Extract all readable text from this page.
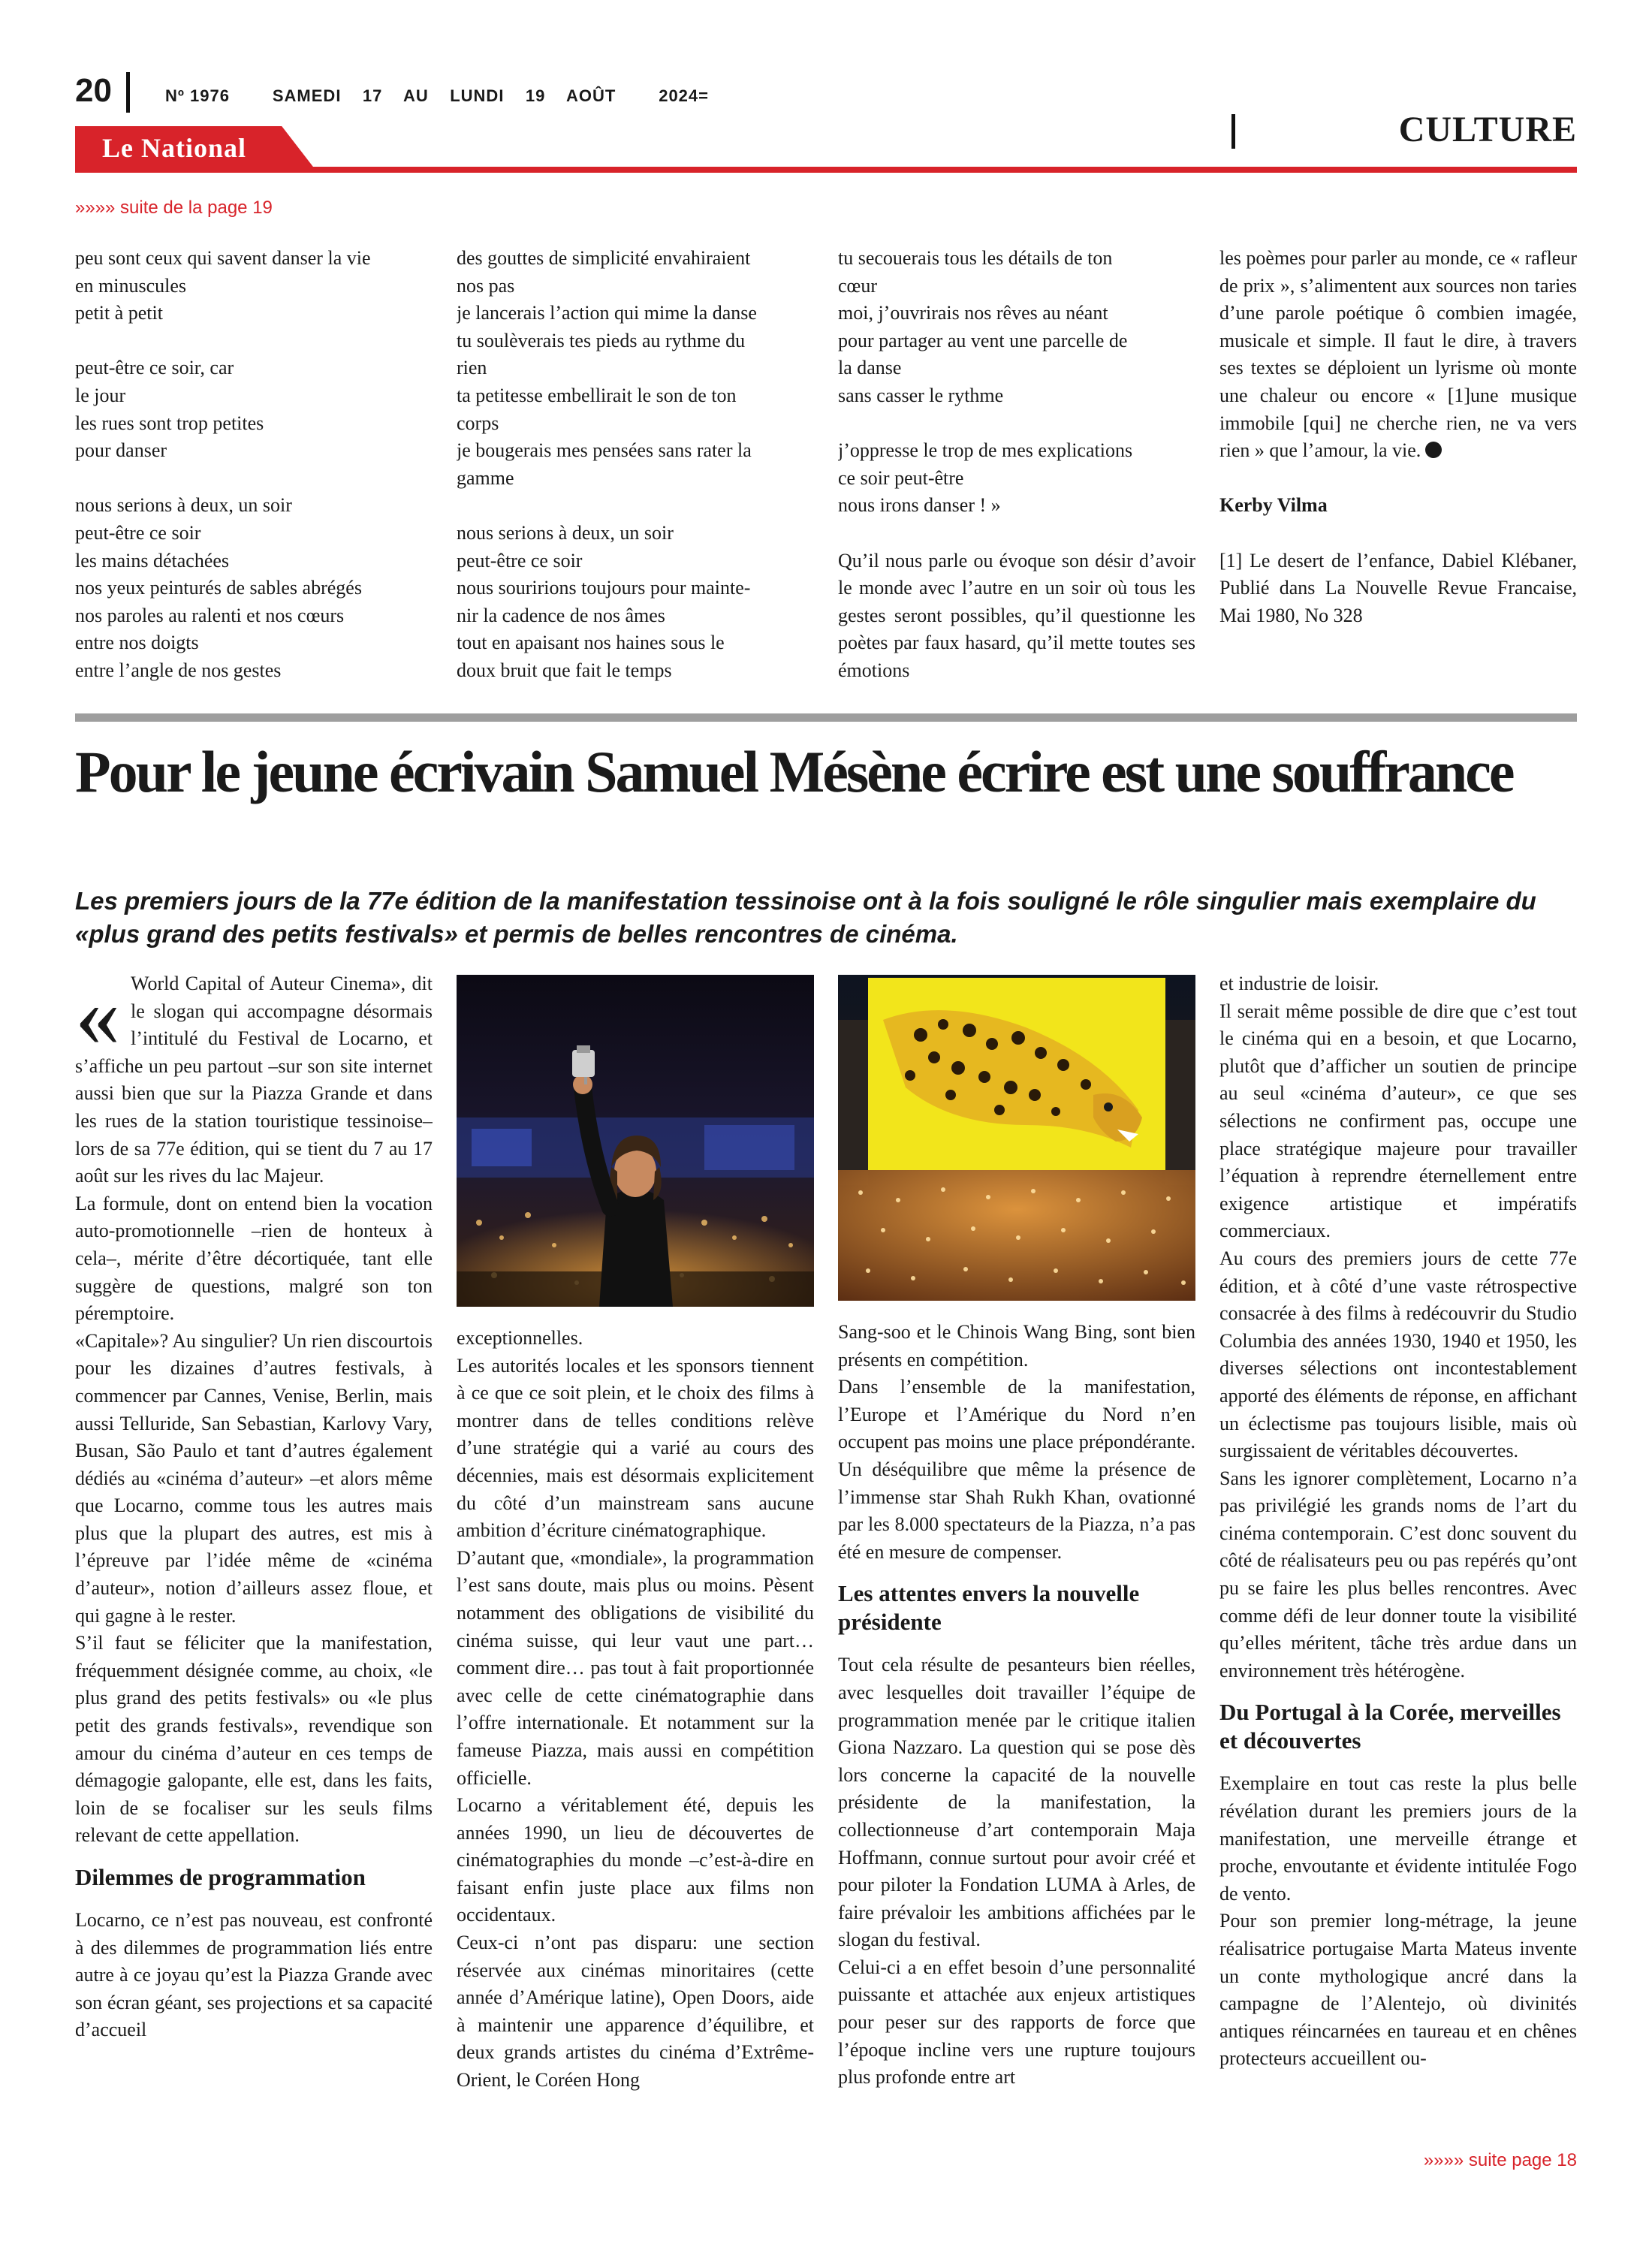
20	Nº 1976        SAMEDI    17    AU    LUNDI    19    AOÛT        2024=
CULTURE
Le National
»»»» suite de la page 19
peu sont ceux qui savent danser la vie
en minuscules
petit à petit
peut-être ce soir, car
le jour
les rues sont trop petites
pour danser
nous serions à deux, un soir
peut-être ce soir
les mains détachées
nos yeux peinturés de sables abrégés
nos paroles au ralenti et nos cœurs
entre nos doigts
entre l’angle de nos gestes
des gouttes de simplicité envahiraient
nos pas
je lancerais l’action qui mime la danse
tu soulèverais tes pieds au rythme du
rien
ta petitesse embellirait le son de ton
corps
je bougerais mes pensées sans rater la
gamme
nous serions à deux, un soir
peut-être ce soir
nous souririons toujours pour mainte-
nir la cadence de nos âmes
tout en apaisant nos haines sous le
doux bruit que fait le temps
tu secouerais tous les détails de ton
cœur
moi, j’ouvrirais nos rêves au néant
pour partager au vent une parcelle de
la danse
sans casser le rythme
j’oppresse le trop de mes explications
ce soir peut-être
nous irons danser ! »

Qu’il nous parle ou évoque son désir d’avoir le monde avec l’autre en un soir où tous les gestes seront possibles, qu’il questionne les poètes par faux hasard, qu’il mette toutes ses émotions

les poèmes pour parler au monde, ce « rafleur de prix », s’alimentent aux sources non taries d’une parole poétique ô combien imagée, musicale et simple. Il faut le dire, à travers ses textes se déploient un lyrisme où monte une chaleur ou encore « [1]une musique immobile [qui] ne cherche rien, ne va vers rien » que l’amour, la vie.

Kerby Vilma

[1] Le desert de l’enfance, Dabiel Klébaner, Publié dans La Nouvelle Revue Francaise, Mai 1980, No 328

Pour le jeune écrivain Samuel Mésène écrire est une souffrance
Les premiers jours de la 77e édition de la manifestation tessinoise ont à la fois souligné le rôle singulier mais exemplaire du «plus grand des petits festivals» et permis de belles rencontres de cinéma.
« World Capital of Auteur Cinema», dit le slogan qui accompagne désormais l’intitulé du Festival de Locarno, et s’affiche un peu partout –sur son site internet aussi bien que sur la Piazza Grande et dans les rues de la station touristique tessinoise– lors de sa 77e édition, qui se tient du 7 au 17 août sur les rives du lac Majeur.

La formule, dont on entend bien la vocation auto-promotionnelle –rien de honteux à cela–, mérite d’être décortiquée, tant elle suggère de questions, malgré son ton péremptoire.

«Capitale»? Au singulier? Un rien discourtois pour les dizaines d’autres festivals, à commencer par Cannes, Venise, Berlin, mais aussi Telluride, San Sebastian, Karlovy Vary, Busan, São Paulo et tant d’autres également dédiés au «cinéma d’auteur» –et alors même que Locarno, comme tous les autres mais plus que la plupart des autres, est mis à l’épreuve par l’idée même de «cinéma d’auteur», notion d’ailleurs assez floue, et qui gagne à le rester.

S’il faut se féliciter que la manifestation, fréquemment désignée comme, au choix, «le plus grand des petits festivals» ou «le plus petit des grands festivals», revendique son amour du cinéma d’auteur en ces temps de démagogie galopante, elle est, dans les faits, loin de se focaliser sur les seuls films relevant de cette appellation.

Dilemmes de programmation

Locarno, ce n’est pas nouveau, est confronté à des dilemmes de programmation liés entre autre à ce joyau qu’est la Piazza Grande avec son écran géant, ses projections et sa capacité d’accueil

exceptionnelles.

Les autorités locales et les sponsors tiennent à ce que ce soit plein, et le choix des films à montrer dans de telles conditions relève d’une stratégie qui a varié au cours des décennies, mais est désormais explicitement du côté d’un mainstream sans aucune ambition d’écriture cinématographique.

D’autant que, «mondiale», la programmation l’est sans doute, mais plus ou moins. Pèsent notamment des obligations de visibilité du cinéma suisse, qui leur vaut une part… comment dire… pas tout à fait proportionnée avec celle de cette cinématographie dans l’offre internationale. Et notamment sur la fameuse Piazza, mais aussi en compétition officielle.

Locarno a véritablement été, depuis les années 1990, un lieu de découvertes de cinématographies du monde –c’est-à-dire en faisant enfin juste place aux films non occidentaux.

Ceux-ci n’ont pas disparu: une section réservée aux cinémas minoritaires (cette année d’Amérique latine), Open Doors, aide à maintenir une apparence d’équilibre, et deux grands artistes du cinéma d’Extrême-Orient, le Coréen Hong

Sang-soo et le Chinois Wang Bing, sont bien présents en compétition.

Dans l’ensemble de la manifestation, l’Europe et l’Amérique du Nord n’en occupent pas moins une place prépondérante. Un déséquilibre que même la présence de l’immense star Shah Rukh Khan, ovationné par les 8.000 spectateurs de la Piazza, n’a pas été en mesure de compenser.

Les attentes envers la nouvelle présidente

Tout cela résulte de pesanteurs bien réelles, avec lesquelles doit travailler l’équipe de programmation menée par le critique italien Giona Nazzaro. La question qui se pose dès lors concerne la capacité de la nouvelle présidente de la manifestation, la collectionneuse d’art contemporain Maja Hoffmann, connue surtout pour avoir créé et pour piloter la Fondation LUMA à Arles, de faire prévaloir les ambitions affichées par le slogan du festival.

Celui-ci a en effet besoin d’une personnalité puissante et attachée aux enjeux artistiques pour peser sur des rapports de force que l’époque incline vers une rupture toujours plus profonde entre art

et industrie de loisir.

Il serait même possible de dire que c’est tout le cinéma qui en a besoin, et que Locarno, plutôt que d’afficher un soutien de principe au seul «cinéma d’auteur», ce que ses sélections ne confirment pas, occupe une place stratégique majeure pour travailler l’équation à reprendre éternellement entre exigence artistique et impératifs commerciaux.

Au cours des premiers jours de cette 77e édition, et à côté d’une vaste rétrospective consacrée à des films à redécouvrir du Studio Columbia des années 1930, 1940 et 1950, les diverses sélections ont incontestablement apporté des éléments de réponse, en affichant un éclectisme pas toujours lisible, mais où surgissaient de véritables découvertes.

Sans les ignorer complètement, Locarno n’a pas privilégié les grands noms de l’art du cinéma contemporain. C’est donc souvent du côté de réalisateurs peu ou pas repérés qu’ont pu se faire les plus belles rencontres. Avec comme défi de leur donner toute la visibilité qu’elles méritent, tâche très ardue dans un environnement très hétérogène.

Du Portugal à la Corée, merveilles et découvertes

Exemplaire en tout cas reste la plus belle révélation durant les premiers jours de la manifestation, une merveille étrange et proche, envoutante et évidente intitulée Fogo de vento.

Pour son premier long-métrage, la jeune réalisatrice portugaise Marta Mateus invente un conte mythologique ancré dans la campagne de l’Alentejo, où divinités antiques réincarnées en taureau et en chênes protecteurs accueillent ou-

»»»» suite page 18
